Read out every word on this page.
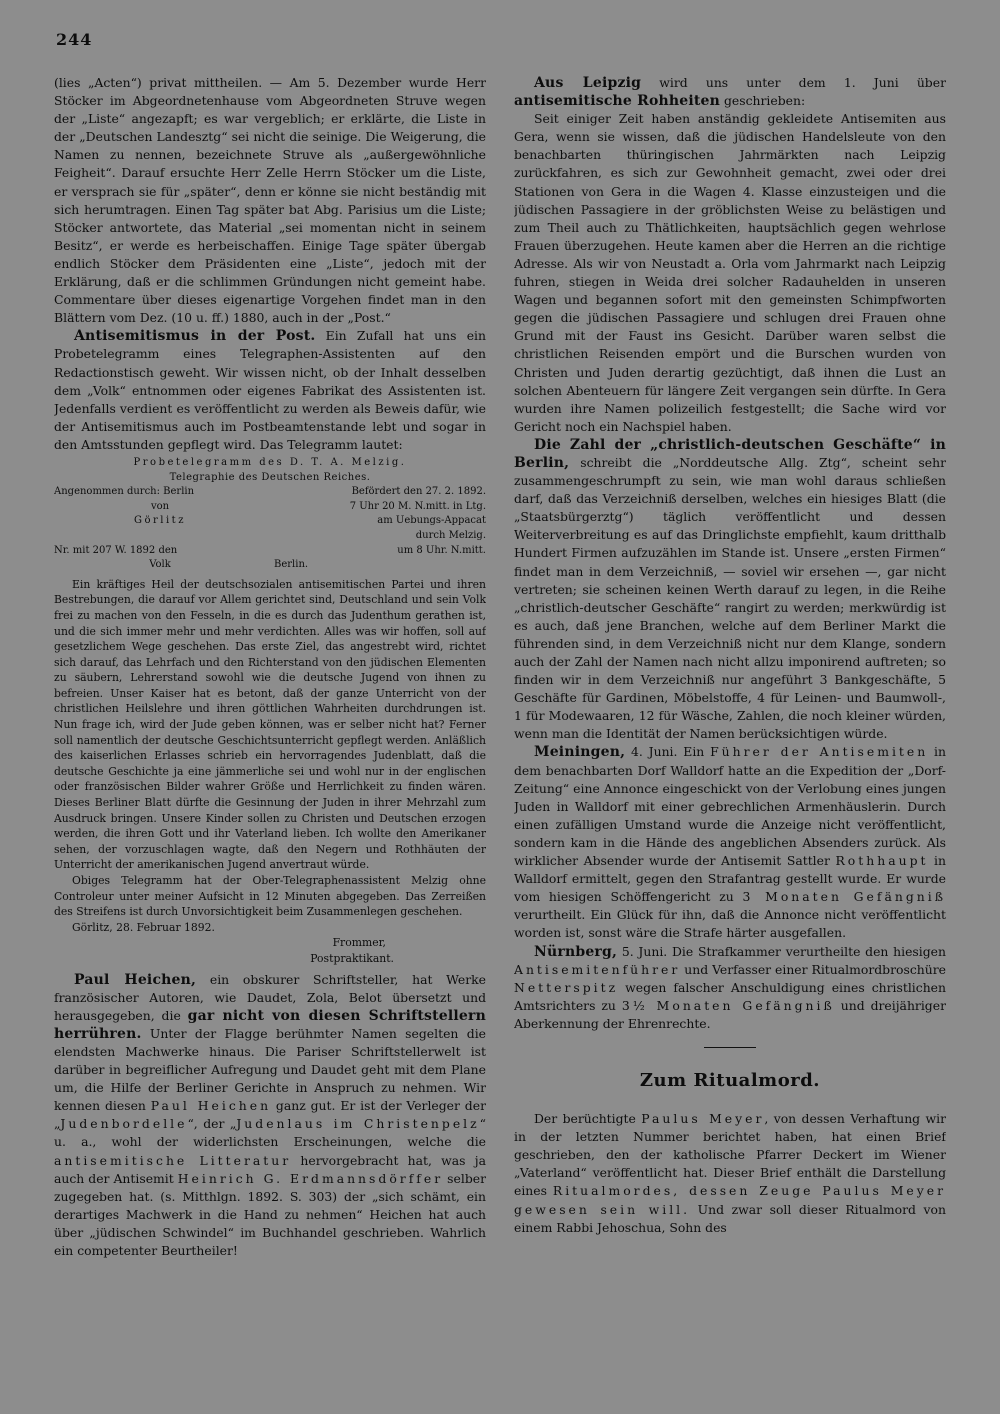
244

(lies „Acten“) privat mittheilen. — Am 5. Dezember wurde Herr Stöcker im Abgeordnetenhause vom Abgeordneten Struve wegen der „Liste“ angezapft; es war vergeblich; er erklärte, die Liste in der „Deutschen Landesztg“ sei nicht die seinige. Die Weigerung, die Namen zu nennen, bezeichnete Struve als „außergewöhnliche Feigheit“. Darauf ersuchte Herr Zelle Herrn Stöcker um die Liste, er versprach sie für „später“, denn er könne sie nicht beständig mit sich herumtragen. Einen Tag später bat Abg. Parisius um die Liste; Stöcker antwortete, das Material „sei momentan nicht in seinem Besitz“, er werde es herbeischaffen. Einige Tage später übergab endlich Stöcker dem Präsidenten eine „Liste“, jedoch mit der Erklärung, daß er die schlimmen Gründungen nicht gemeint habe. Commentare über dieses eigenartige Vorgehen findet man in den Blättern vom Dez. (10 u. ff.) 1880, auch in der „Post.“

Antisemitismus in der Post. Ein Zufall hat uns ein Probetelegramm eines Telegraphen-Assistenten auf den Redactionstisch geweht. Wir wissen nicht, ob der Inhalt desselben dem „Volk“ entnommen oder eigenes Fabrikat des Assistenten ist. Jedenfalls verdient es veröffentlicht zu werden als Beweis dafür, wie der Antisemitismus auch im Postbeamtenstande lebt und sogar in den Amtsstunden gepflegt wird. Das Telegramm lautet:

Probetelegramm des D. T. A. Melzig.
Telegraphie des Deutschen Reiches.
Angenommen durch: Berlin	Befördert den 27. 2. 1892.
von	7 Uhr 20 M. N.mitt. in Ltg.
Görlitz	am Uebungs-Appacat
durch Melzig.
Nr. mit 207 W. 1892 den	um 8 Uhr. N.mitt.
Volk	Berlin.

Ein kräftiges Heil der deutschsozialen antisemitischen Partei und ihren Bestrebungen, die darauf vor Allem gerichtet sind, Deutschland und sein Volk frei zu machen von den Fesseln, in die es durch das Judenthum gerathen ist, und die sich immer mehr und mehr verdichten. Alles was wir hoffen, soll auf gesetzlichem Wege geschehen. Das erste Ziel, das angestrebt wird, richtet sich darauf, das Lehrfach und den Richterstand von den jüdischen Elementen zu säubern, Lehrerstand sowohl wie die deutsche Jugend von ihnen zu befreien. Unser Kaiser hat es betont, daß der ganze Unterricht von der christlichen Heilslehre und ihren göttlichen Wahrheiten durchdrungen ist. Nun frage ich, wird der Jude geben können, was er selber nicht hat? Ferner soll namentlich der deutsche Geschichtsunterricht gepflegt werden. Anläßlich des kaiserlichen Erlasses schrieb ein hervorragendes Judenblatt, daß die deutsche Geschichte ja eine jämmerliche sei und wohl nur in der englischen oder französischen Bilder wahrer Größe und Herrlichkeit zu finden wären. Dieses Berliner Blatt dürfte die Gesinnung der Juden in ihrer Mehrzahl zum Ausdruck bringen. Unsere Kinder sollen zu Christen und Deutschen erzogen werden, die ihren Gott und ihr Vaterland lieben. Ich wollte den Amerikaner sehen, der vorzuschlagen wagte, daß den Negern und Rothhäuten der Unterricht der amerikanischen Jugend anvertraut würde.

Obiges Telegramm hat der Ober-Telegraphenassistent Melzig ohne Controleur unter meiner Aufsicht in 12 Minuten abgegeben. Das Zerreißen des Streifens ist durch Unvorsichtigkeit beim Zusammenlegen geschehen.

Görlitz, 28. Februar 1892.

Frommer,
Postpraktikant.

Paul Heichen, ein obskurer Schriftsteller, hat Werke französischer Autoren, wie Daudet, Zola, Belot übersetzt und herausgegeben, die gar nicht von diesen Schriftstellern herrühren. Unter der Flagge berühmter Namen segelten die elendsten Machwerke hinaus. Die Pariser Schriftstellerwelt ist darüber in begreiflicher Aufregung und Daudet geht mit dem Plane um, die Hilfe der Berliner Gerichte in Anspruch zu nehmen. Wir kennen diesen Paul Heichen ganz gut. Er ist der Verleger der „Judenbordelle“, der „Judenlaus im Christenpelz“ u. a., wohl der widerlichsten Erscheinungen, welche die antisemitische Litteratur hervorgebracht hat, was ja auch der Antisemit Heinrich G. Erdmannsdörffer selber zugegeben hat. (s. Mitthlgn. 1892. S. 303) der „sich schämt, ein derartiges Machwerk in die Hand zu nehmen“ Heichen hat auch über „jüdischen Schwindel“ im Buchhandel geschrieben. Wahrlich ein competenter Beurtheiler!

Aus Leipzig wird uns unter dem 1. Juni über antisemitische Rohheiten geschrieben:

Seit einiger Zeit haben anständig gekleidete Antisemiten aus Gera, wenn sie wissen, daß die jüdischen Handelsleute von den benachbarten thüringischen Jahrmärkten nach Leipzig zurückfahren, es sich zur Gewohnheit gemacht, zwei oder drei Stationen von Gera in die Wagen 4. Klasse einzusteigen und die jüdischen Passagiere in der gröblichsten Weise zu belästigen und zum Theil auch zu Thätlichkeiten, hauptsächlich gegen wehrlose Frauen überzugehen. Heute kamen aber die Herren an die richtige Adresse. Als wir von Neustadt a. Orla vom Jahrmarkt nach Leipzig fuhren, stiegen in Weida drei solcher Radauhelden in unseren Wagen und begannen sofort mit den gemeinsten Schimpfworten gegen die jüdischen Passagiere und schlugen drei Frauen ohne Grund mit der Faust ins Gesicht. Darüber waren selbst die christlichen Reisenden empört und die Burschen wurden von Christen und Juden derartig gezüchtigt, daß ihnen die Lust an solchen Abenteuern für längere Zeit vergangen sein dürfte. In Gera wurden ihre Namen polizeilich festgestellt; die Sache wird vor Gericht noch ein Nachspiel haben.

Die Zahl der „christlich-deutschen Geschäfte“ in Berlin, schreibt die „Norddeutsche Allg. Ztg“, scheint sehr zusammengeschrumpft zu sein, wie man wohl daraus schließen darf, daß das Verzeichniß derselben, welches ein hiesiges Blatt (die „Staatsbürgerztg“) täglich veröffentlicht und dessen Weiterverbreitung es auf das Dringlichste empfiehlt, kaum dritthalb Hundert Firmen aufzuzählen im Stande ist. Unsere „ersten Firmen“ findet man in dem Verzeichniß, — soviel wir ersehen —, gar nicht vertreten; sie scheinen keinen Werth darauf zu legen, in die Reihe „christlich-deutscher Geschäfte“ rangirt zu werden; merkwürdig ist es auch, daß jene Branchen, welche auf dem Berliner Markt die führenden sind, in dem Verzeichniß nicht nur dem Klange, sondern auch der Zahl der Namen nach nicht allzu imponirend auftreten; so finden wir in dem Verzeichniß nur angeführt 3 Bankgeschäfte, 5 Geschäfte für Gardinen, Möbelstoffe, 4 für Leinen- und Baumwoll-, 1 für Modewaaren, 12 für Wäsche, Zahlen, die noch kleiner würden, wenn man die Identität der Namen berücksichtigen würde.

Meiningen, 4. Juni. Ein Führer der Antisemiten in dem benachbarten Dorf Walldorf hatte an die Expedition der „Dorf-Zeitung“ eine Annonce eingeschickt von der Verlobung eines jungen Juden in Walldorf mit einer gebrechlichen Armenhäuslerin. Durch einen zufälligen Umstand wurde die Anzeige nicht veröffentlicht, sondern kam in die Hände des angeblichen Absenders zurück. Als wirklicher Absender wurde der Antisemit Sattler Rothhaupt in Walldorf ermittelt, gegen den Strafantrag gestellt wurde. Er wurde vom hiesigen Schöffengericht zu 3 Monaten Gefängniß verurtheilt. Ein Glück für ihn, daß die Annonce nicht veröffentlicht worden ist, sonst wäre die Strafe härter ausgefallen.

Nürnberg, 5. Juni. Die Strafkammer verurtheilte den hiesigen Antisemitenführer und Verfasser einer Ritualmordbroschüre Netterspitz wegen falscher Anschuldigung eines christlichen Amtsrichters zu 3½ Monaten Gefängniß und dreijähriger Aberkennung der Ehrenrechte.

Zum Ritualmord.

Der berüchtigte Paulus Meyer, von dessen Verhaftung wir in der letzten Nummer berichtet haben, hat einen Brief geschrieben, den der katholische Pfarrer Deckert im Wiener „Vaterland“ veröffentlicht hat. Dieser Brief enthält die Darstellung eines Ritualmordes, dessen Zeuge Paulus Meyer gewesen sein will. Und zwar soll dieser Ritualmord von einem Rabbi Jehoschua, Sohn des
